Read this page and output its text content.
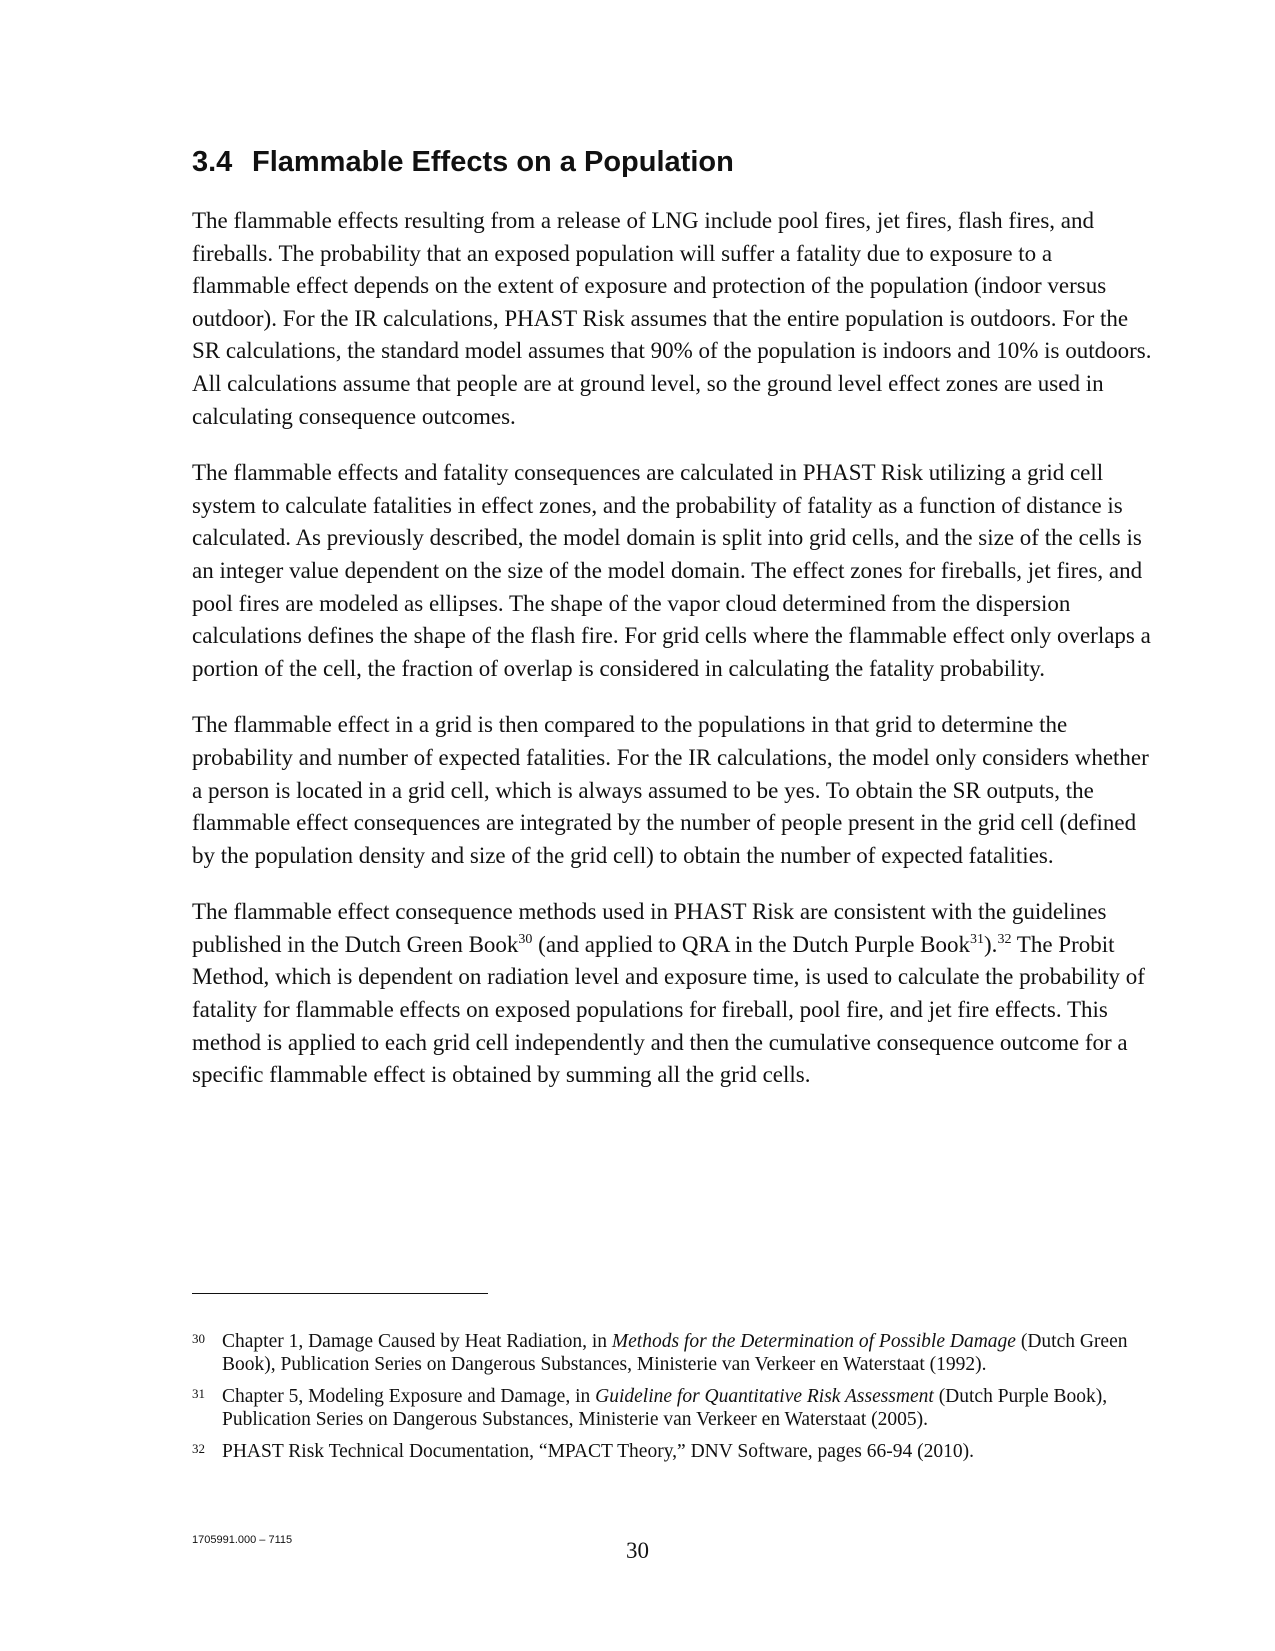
3.4 Flammable Effects on a Population

The flammable effects resulting from a release of LNG include pool fires, jet fires, flash fires, and fireballs. The probability that an exposed population will suffer a fatality due to exposure to a flammable effect depends on the extent of exposure and protection of the population (indoor versus outdoor). For the IR calculations, PHAST Risk assumes that the entire population is outdoors. For the SR calculations, the standard model assumes that 90% of the population is indoors and 10% is outdoors. All calculations assume that people are at ground level, so the ground level effect zones are used in calculating consequence outcomes.

The flammable effects and fatality consequences are calculated in PHAST Risk utilizing a grid cell system to calculate fatalities in effect zones, and the probability of fatality as a function of distance is calculated. As previously described, the model domain is split into grid cells, and the size of the cells is an integer value dependent on the size of the model domain. The effect zones for fireballs, jet fires, and pool fires are modeled as ellipses. The shape of the vapor cloud determined from the dispersion calculations defines the shape of the flash fire. For grid cells where the flammable effect only overlaps a portion of the cell, the fraction of overlap is considered in calculating the fatality probability.

The flammable effect in a grid is then compared to the populations in that grid to determine the probability and number of expected fatalities. For the IR calculations, the model only considers whether a person is located in a grid cell, which is always assumed to be yes. To obtain the SR outputs, the flammable effect consequences are integrated by the number of people present in the grid cell (defined by the population density and size of the grid cell) to obtain the number of expected fatalities.

The flammable effect consequence methods used in PHAST Risk are consistent with the guidelines published in the Dutch Green Book$^{30}$ (and applied to QRA in the Dutch Purple Book$^{31}$).$^{32}$ The Probit Method, which is dependent on radiation level and exposure time, is used to calculate the probability of fatality for flammable effects on exposed populations for fireball, pool fire, and jet fire effects. This method is applied to each grid cell independently and then the cumulative consequence outcome for a specific flammable effect is obtained by summing all the grid cells.

30 Chapter 1, Damage Caused by Heat Radiation, in Methods for the Determination of Possible Damage (Dutch Green Book), Publication Series on Dangerous Substances, Ministerie van Verkeer en Waterstaat (1992).
31 Chapter 5, Modeling Exposure and Damage, in Guideline for Quantitative Risk Assessment (Dutch Purple Book), Publication Series on Dangerous Substances, Ministerie van Verkeer en Waterstaat (2005).
32 PHAST Risk Technical Documentation, “MPACT Theory,” DNV Software, pages 66-94 (2010).
1705991.000 – 7115	30
